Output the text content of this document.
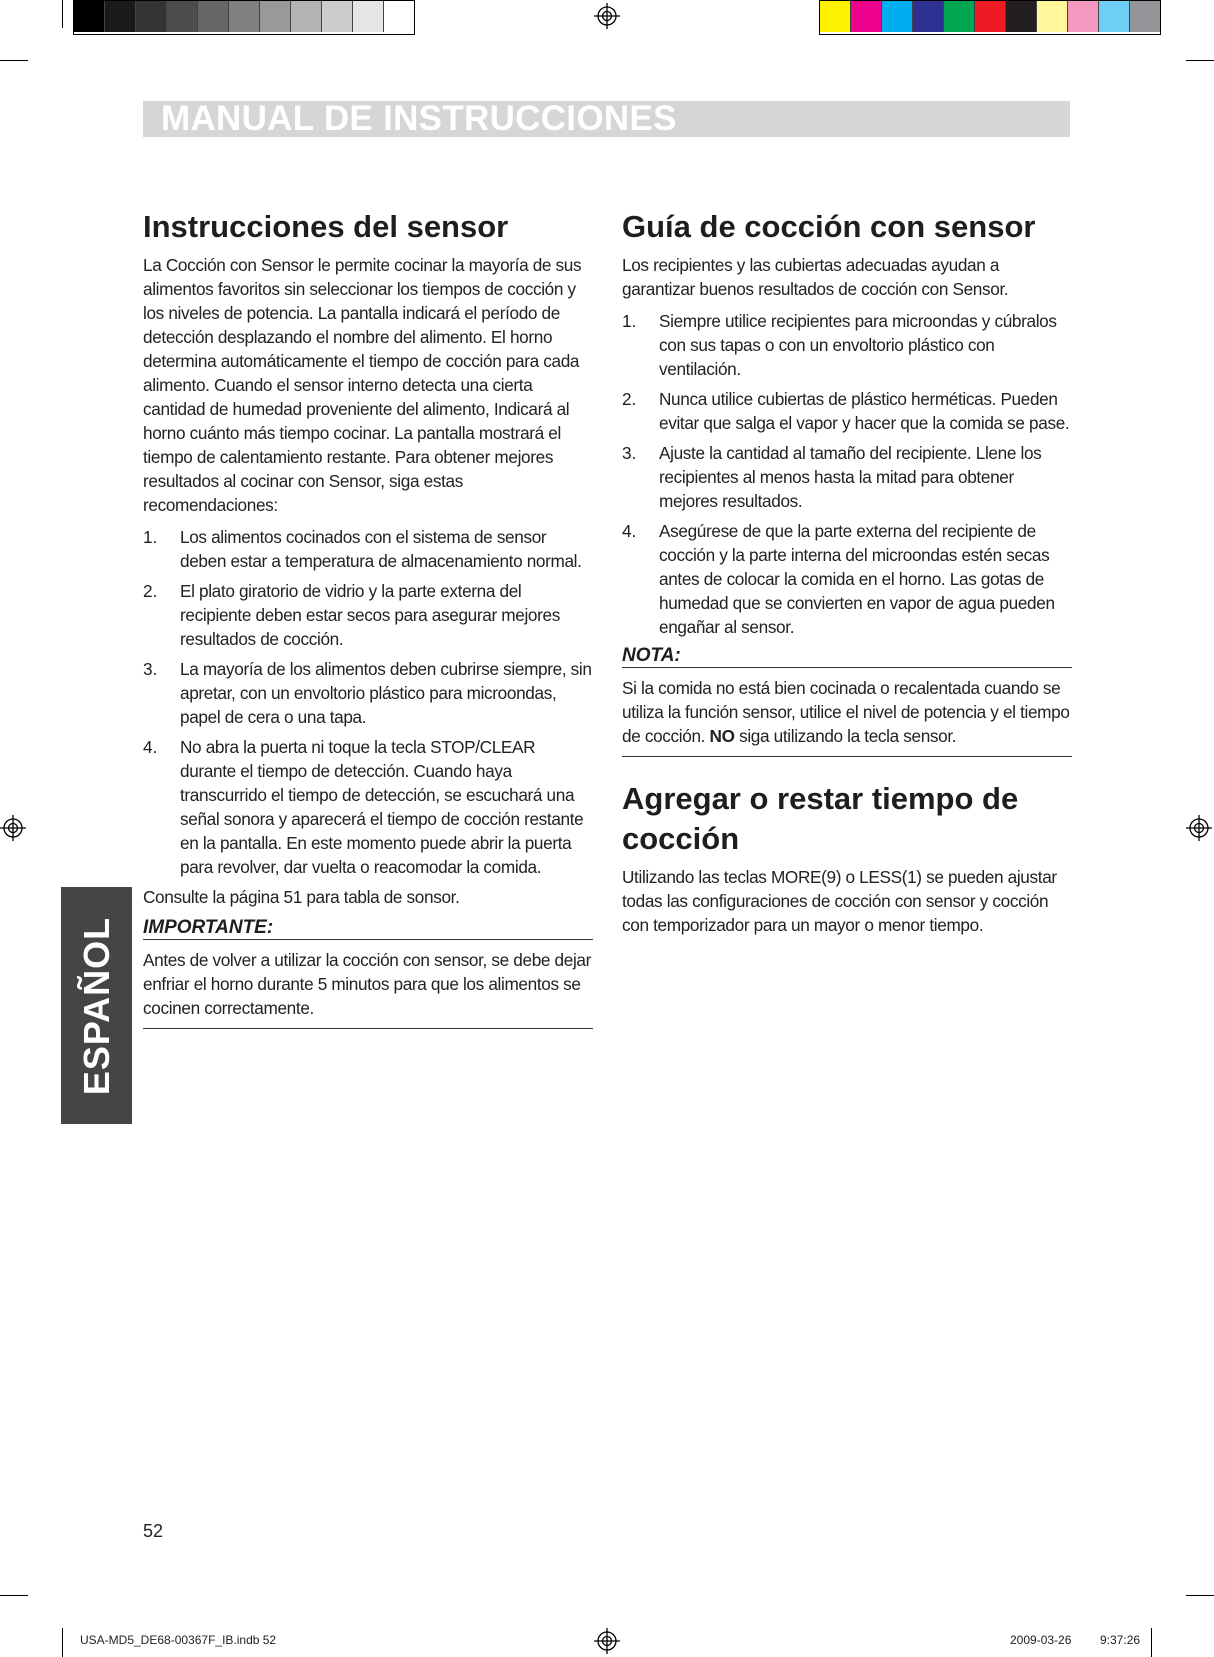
MANUAL DE INSTRUCCIONES
ESPAÑOL
Instrucciones del sensor

La Cocción con Sensor le permite cocinar la mayoría de sus alimentos favoritos sin seleccionar los tiempos de cocción y los niveles de potencia. La pantalla indicará el período de detección desplazando el nombre del alimento. El horno determina automáticamente el tiempo de cocción para cada alimento. Cuando el sensor interno detecta una cierta cantidad de humedad proveniente del alimento, Indicará al horno cuánto más tiempo cocinar. La pantalla mostrará el tiempo de calentamiento restante. Para obtener mejores resultados al cocinar con Sensor, siga estas recomendaciones:

1. Los alimentos cocinados con el sistema de sensor deben estar a temperatura de almacenamiento normal.
2. El plato giratorio de vidrio y la parte externa del recipiente deben estar secos para asegurar mejores resultados de cocción.
3. La mayoría de los alimentos deben cubrirse siempre, sin apretar, con un envoltorio plástico para microondas, papel de cera o una tapa.
4. No abra la puerta ni toque la tecla STOP/CLEAR durante el tiempo de detección. Cuando haya transcurrido el tiempo de detección, se escuchará una señal sonora y aparecerá el tiempo de cocción restante en la pantalla. En este momento puede abrir la puerta para revolver, dar vuelta o reacomodar la comida.

Consulte la página 51 para tabla de sonsor.

IMPORTANTE:

Antes de volver a utilizar la cocción con sensor, se debe dejar enfriar el horno durante 5 minutos para que los alimentos se cocinen correctamente.

Guía de cocción con sensor

Los recipientes y las cubiertas adecuadas ayudan a garantizar buenos resultados de cocción con Sensor.

1. Siempre utilice recipientes para microondas y cúbralos con sus tapas o con un envoltorio plástico con ventilación.
2. Nunca utilice cubiertas de plástico herméticas. Pueden evitar que salga el vapor y hacer que la comida se pase.
3. Ajuste la cantidad al tamaño del recipiente. Llene los recipientes al menos hasta la mitad para obtener mejores resultados.
4. Asegúrese de que la parte externa del recipiente de cocción y la parte interna del microondas estén secas antes de colocar la comida en el horno. Las gotas de humedad que se convierten en vapor de agua pueden engañar al sensor.
NOTA:

Si la comida no está bien cocinada o recalentada cuando se utiliza la función sensor, utilice el nivel de potencia y el tiempo de cocción. NO siga utilizando la tecla sensor.

Agregar o restar tiempo de cocción

Utilizando las teclas MORE(9) o LESS(1) se pueden ajustar todas las configuraciones de cocción con sensor y cocción con temporizador para un mayor o menor tiempo.

52
USA-MD5_DE68-00367F_IB.indb 52	2009-03-26 9:37:26
